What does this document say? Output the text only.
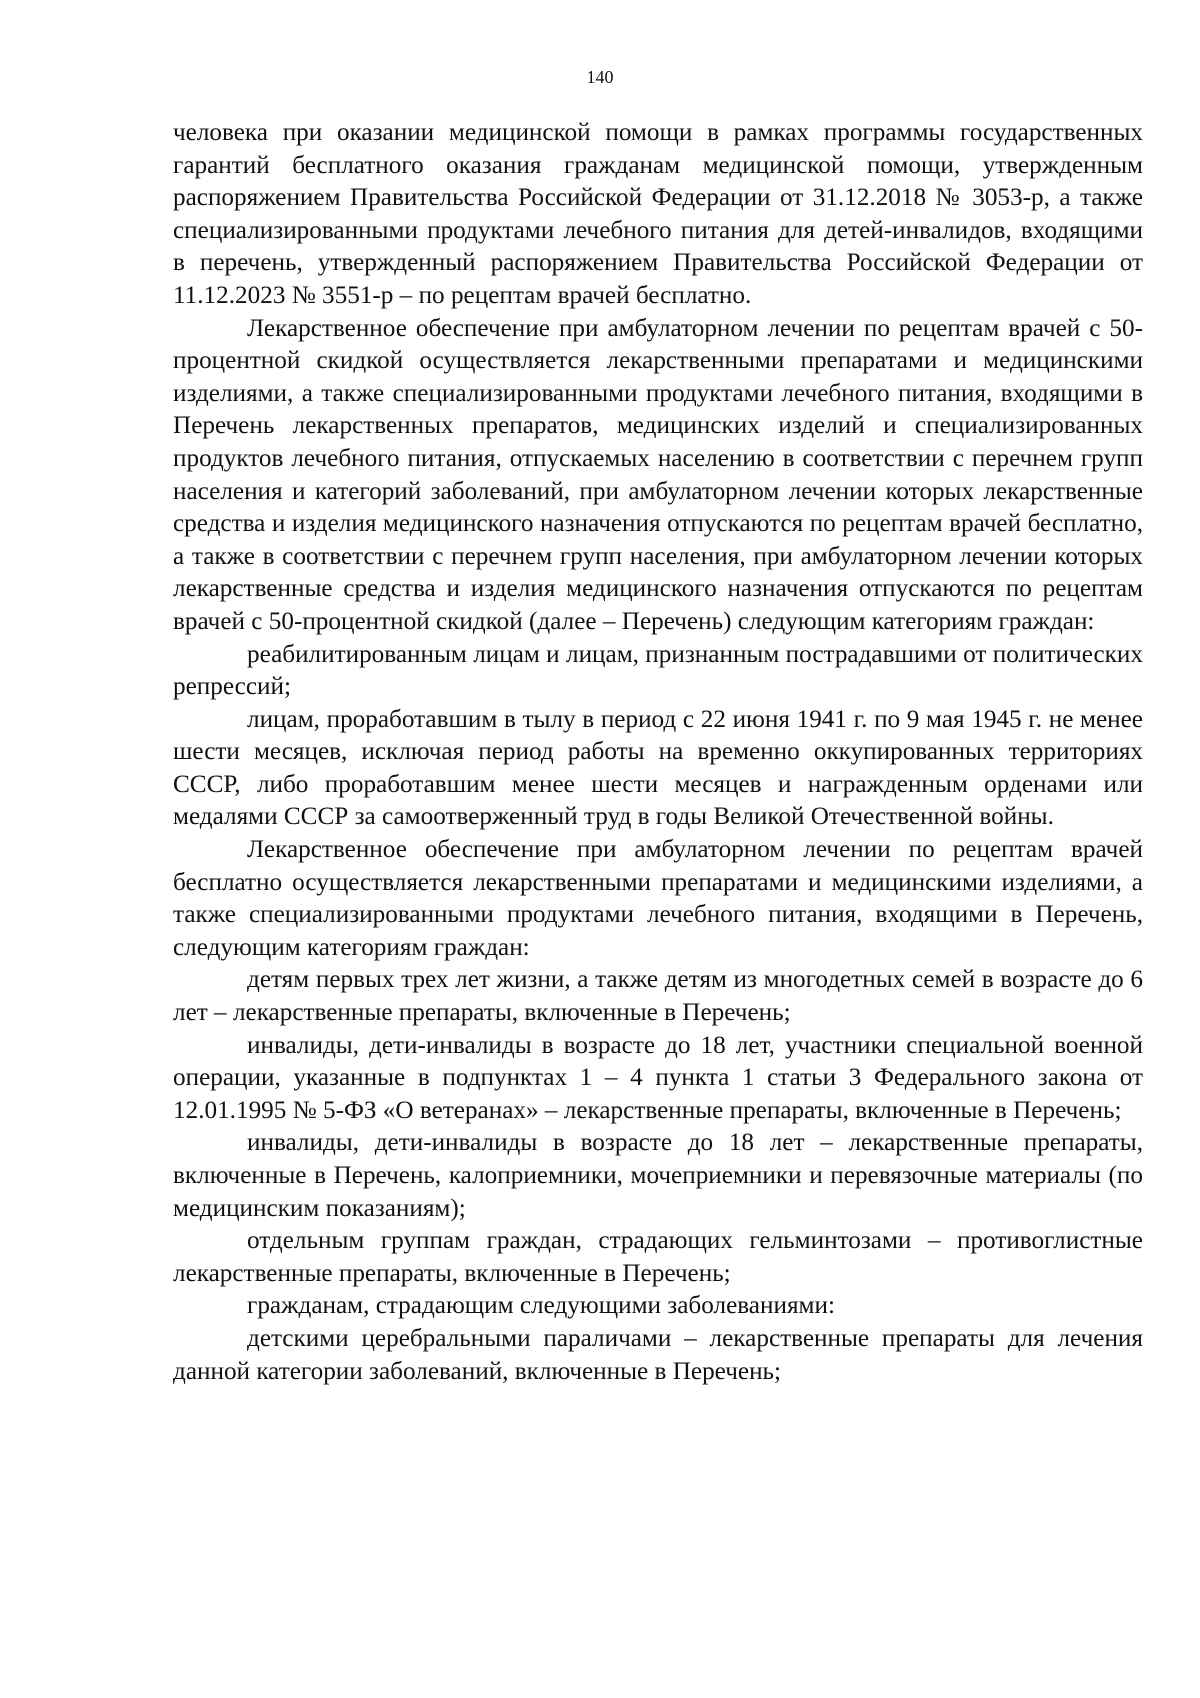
140

человека при оказании медицинской помощи в рамках программы государственных гарантий бесплатного оказания гражданам медицинской помощи, утвержденным распоряжением Правительства Российской Федерации от 31.12.2018 № 3053-р, а также специализированными продуктами лечебного питания для детей-инвалидов, входящими в перечень, утвержденный распоряжением Правительства Российской Федерации от 11.12.2023 № 3551-р – по рецептам врачей бесплатно.

Лекарственное обеспечение при амбулаторном лечении по рецептам врачей с 50-процентной скидкой осуществляется лекарственными препаратами и медицинскими изделиями, а также специализированными продуктами лечебного питания, входящими в Перечень лекарственных препаратов, медицинских изделий и специализированных продуктов лечебного питания, отпускаемых населению в соответствии с перечнем групп населения и категорий заболеваний, при амбулаторном лечении которых лекарственные средства и изделия медицинского назначения отпускаются по рецептам врачей бесплатно, а также в соответствии с перечнем групп населения, при амбулаторном лечении которых лекарственные средства и изделия медицинского назначения отпускаются по рецептам врачей с 50-процентной скидкой (далее – Перечень) следующим категориям граждан:

реабилитированным лицам и лицам, признанным пострадавшими от политических репрессий;

лицам, проработавшим в тылу в период с 22 июня 1941 г. по 9 мая 1945 г. не менее шести месяцев, исключая период работы на временно оккупированных территориях СССР, либо проработавшим менее шести месяцев и награжденным орденами или медалями СССР за самоотверженный труд в годы Великой Отечественной войны.

Лекарственное обеспечение при амбулаторном лечении по рецептам врачей бесплатно осуществляется лекарственными препаратами и медицинскими изделиями, а также специализированными продуктами лечебного питания, входящими в Перечень, следующим категориям граждан:

детям первых трех лет жизни, а также детям из многодетных семей в возрасте до 6 лет – лекарственные препараты, включенные в Перечень;

инвалиды, дети-инвалиды в возрасте до 18 лет, участники специальной военной операции, указанные в подпунктах 1 – 4 пункта 1 статьи 3 Федерального закона от 12.01.1995 № 5-ФЗ «О ветеранах» – лекарственные препараты, включенные в Перечень;

инвалиды, дети-инвалиды в возрасте до 18 лет – лекарственные препараты, включенные в Перечень, калоприемники, мочеприемники и перевязочные материалы (по медицинским показаниям);

отдельным группам граждан, страдающих гельминтозами – противоглистные лекарственные препараты, включенные в Перечень;

гражданам, страдающим следующими заболеваниями:

детскими церебральными параличами – лекарственные препараты для лечения данной категории заболеваний, включенные в Перечень;
